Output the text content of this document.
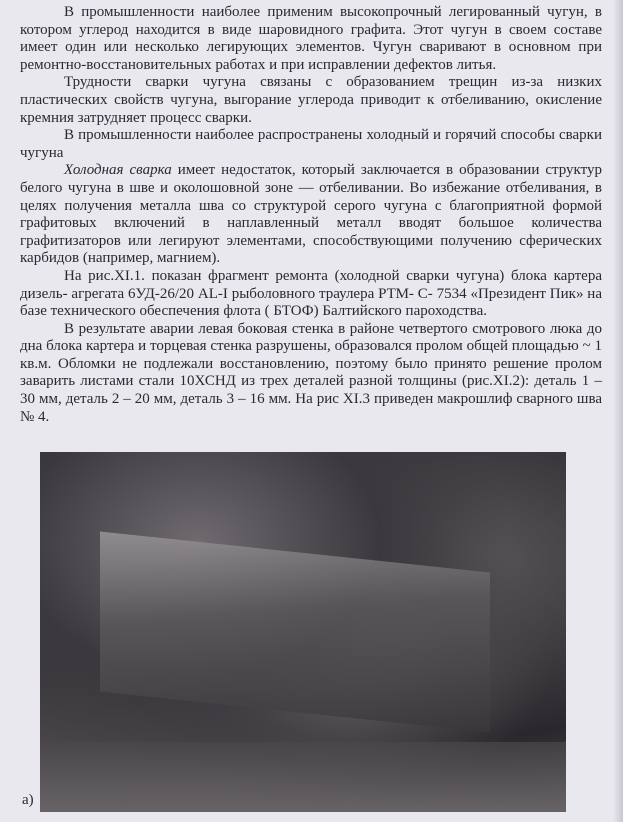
В промышленности наиболее применим высокопрочный легированный чугун, в котором углерод находится в виде шаровидного графита. Этот чугун в своем составе имеет один или несколько легирующих элементов. Чугун сваривают в основном при ремонтно-восстановительных работах и при исправлении дефектов литья.

Трудности сварки чугуна связаны с образованием трещин из-за низких пластических свойств чугуна, выгорание углерода приводит к отбеливанию, окисление кремния затрудняет процесс сварки.

В промышленности наиболее распространены холодный и горячий способы сварки чугуна

Холодная сварка имеет недостаток, который заключается в образовании структур белого чугуна в шве и околошовной зоне — отбеливании. Во избежание отбеливания, в целях получения металла шва со структурой серого чугуна с благоприятной формой графитовых включений в наплавленный металл вводят большое количества графитизаторов или легируют элементами, способствующими получению сферических карбидов (например, магнием).

На рис.XI.1. показан фрагмент ремонта (холодной сварки чугуна) блока картера дизель- агрегата 6УД-26/20 AL-I рыболовного траулера РТМ- С- 7534 «Президент Пик» на базе технического обеспечения флота ( БТОФ) Балтийского пароходства.

В результате аварии левая боковая стенка в районе четвертого смотрового люка до дна блока картера и торцевая стенка разрушены, образовался пролом общей площадью ~ 1 кв.м. Обломки не подлежали восстановлению, поэтому было принято решение пролом заварить листами стали 10ХСНД из трех деталей разной толщины (рис.XI.2): деталь 1 – 30 мм, деталь 2 – 20 мм, деталь 3 – 16 мм. На рис XI.3 приведен макрошлиф сварного шва № 4.

а)
